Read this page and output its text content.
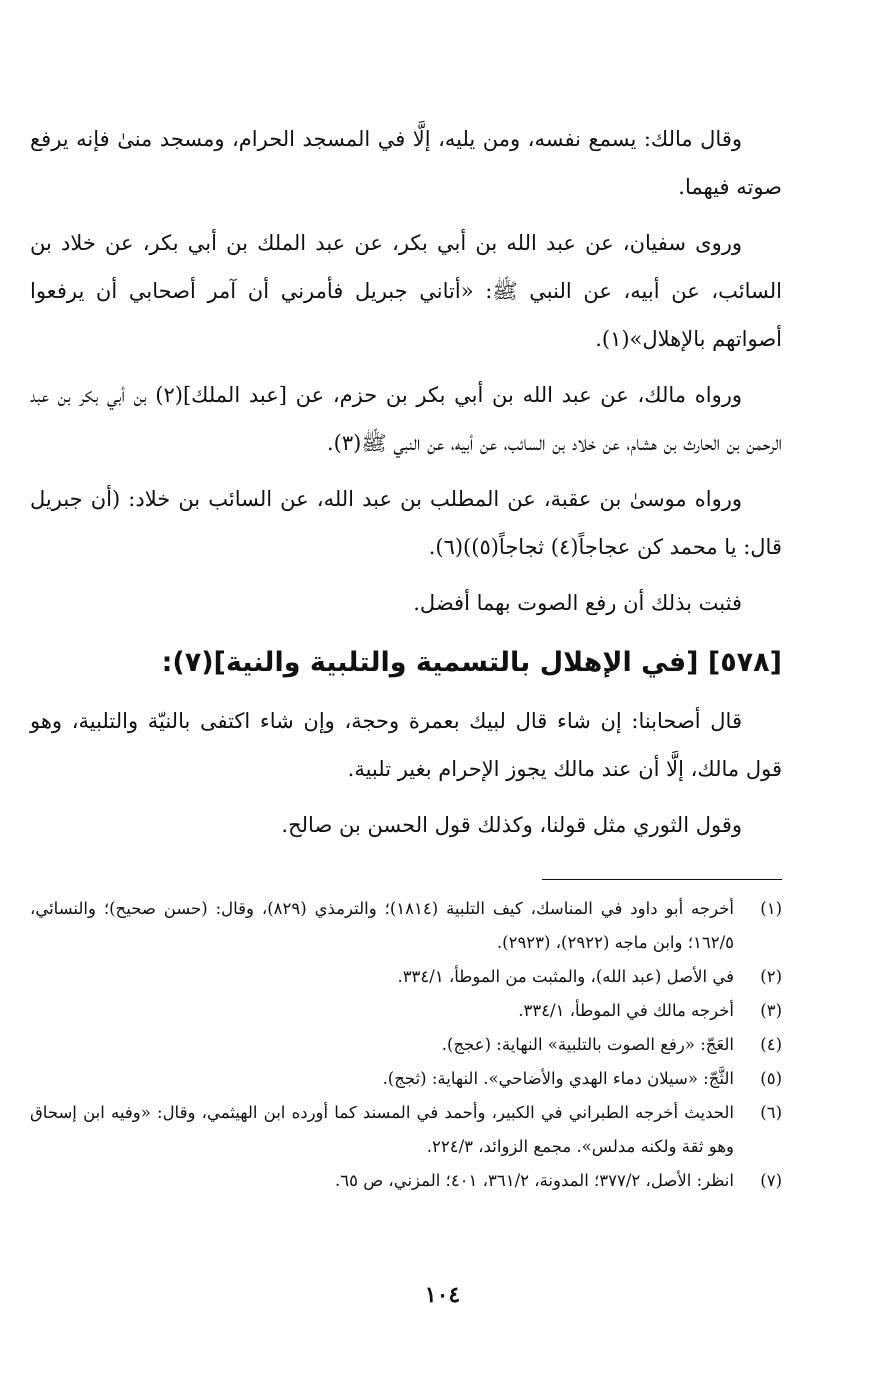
وقال مالك: يسمع نفسه، ومن يليه، إلَّا في المسجد الحرام، ومسجد منىٰ فإنه يرفع صوته فيهما.

وروى سفيان، عن عبد الله بن أبي بكر، عن عبد الملك بن أبي بكر، عن خلاد بن السائب، عن أبيه، عن النبي ﷺ: «أتاني جبريل فأمرني أن آمر أصحابي أن يرفعوا أصواتهم بالإهلال»(١).

ورواه مالك، عن عبد الله بن أبي بكر بن حزم، عن [عبد الملك](٢) بن أبي بكر بن عبد الرحمن بن الحارث بن هشام، عن خلاد بن السائب، عن أبيه، عن النبي ﷺ(٣).

ورواه موسىٰ بن عقبة، عن المطلب بن عبد الله، عن السائب بن خلاد: (أن جبريل قال: يا محمد كن عجاجاً(٤) ثجاجاً(٥))(٦).

فثبت بذلك أن رفع الصوت بهما أفضل.

[٥٧٨] [في الإهلال بالتسمية والتلبية والنية](٧):

قال أصحابنا: إن شاء قال لبيك بعمرة وحجة، وإن شاء اكتفى بالنيّة والتلبية، وهو قول مالك، إلَّا أن عند مالك يجوز الإحرام بغير تلبية.

وقول الثوري مثل قولنا، وكذلك قول الحسن بن صالح.

(١)
أخرجه أبو داود في المناسك، كيف التلبية (١٨١٤)؛ والترمذي (٨٢٩)، وقال: (حسن صحيح)؛ والنسائي، ١٦٢/٥؛ وابن ماجه (٢٩٢٢)، (٢٩٢٣).
(٢)
في الأصل (عبد الله)، والمثبت من الموطأ، ٣٣٤/١.
(٣)
أخرجه مالك في الموطأ، ٣٣٤/١.
(٤)
العَجّ: «رفع الصوت بالتلبية» النهاية: (عجج).
(٥)
الثَّجّ: «سيلان دماء الهدي والأضاحي». النهاية: (ثجج).
(٦)
الحديث أخرجه الطبراني في الكبير، وأحمد في المسند كما أورده ابن الهيثمي، وقال: «وفيه ابن إسحاق وهو ثقة ولكنه مدلس». مجمع الزوائد، ٢٢٤/٣.
(٧)
انظر: الأصل، ٣٧٧/٢؛ المدونة، ٣٦١/٢، ٤٠١؛ المزني، ص ٦٥.
١٠٤
